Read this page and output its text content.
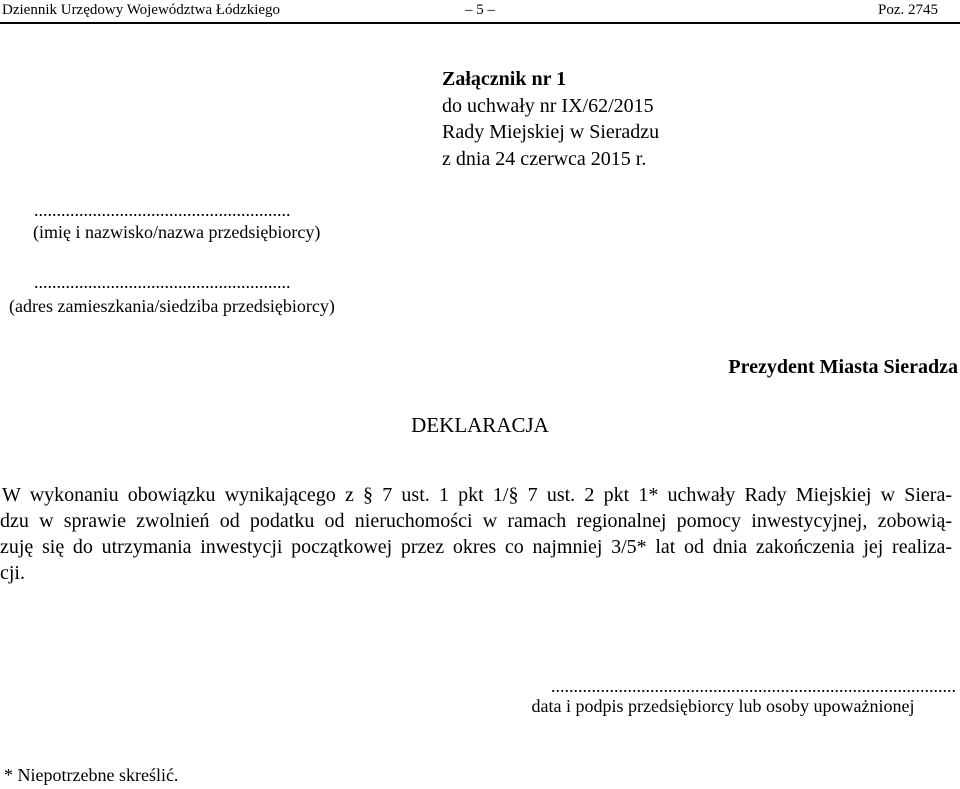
Dziennik Urzędowy Województwa Łódzkiego	– 5 –	Poz. 2745
Załącznik nr 1
do uchwały nr IX/62/2015
Rady Miejskiej w Sieradzu
z dnia 24 czerwca 2015 r.
.........................................................
(imię i nazwisko/nazwa przedsiębiorcy)
.........................................................
(adres zamieszkania/siedziba przedsiębiorcy)
Prezydent Miasta Sieradza
DEKLARACJA
W wykonaniu obowiązku wynikającego z § 7 ust. 1 pkt 1/§ 7 ust. 2 pkt 1* uchwały Rady Miejskiej w Siera-
dzu w sprawie zwolnień od podatku od nieruchomości w ramach regionalnej pomocy inwestycyjnej, zobowią-
zuję się do utrzymania inwestycji początkowej przez okres co najmniej 3/5* lat od dnia zakończenia jej realiza-
cji.
..........................................................................................
data i podpis przedsiębiorcy lub osoby upoważnionej
* Niepotrzebne skreślić.
